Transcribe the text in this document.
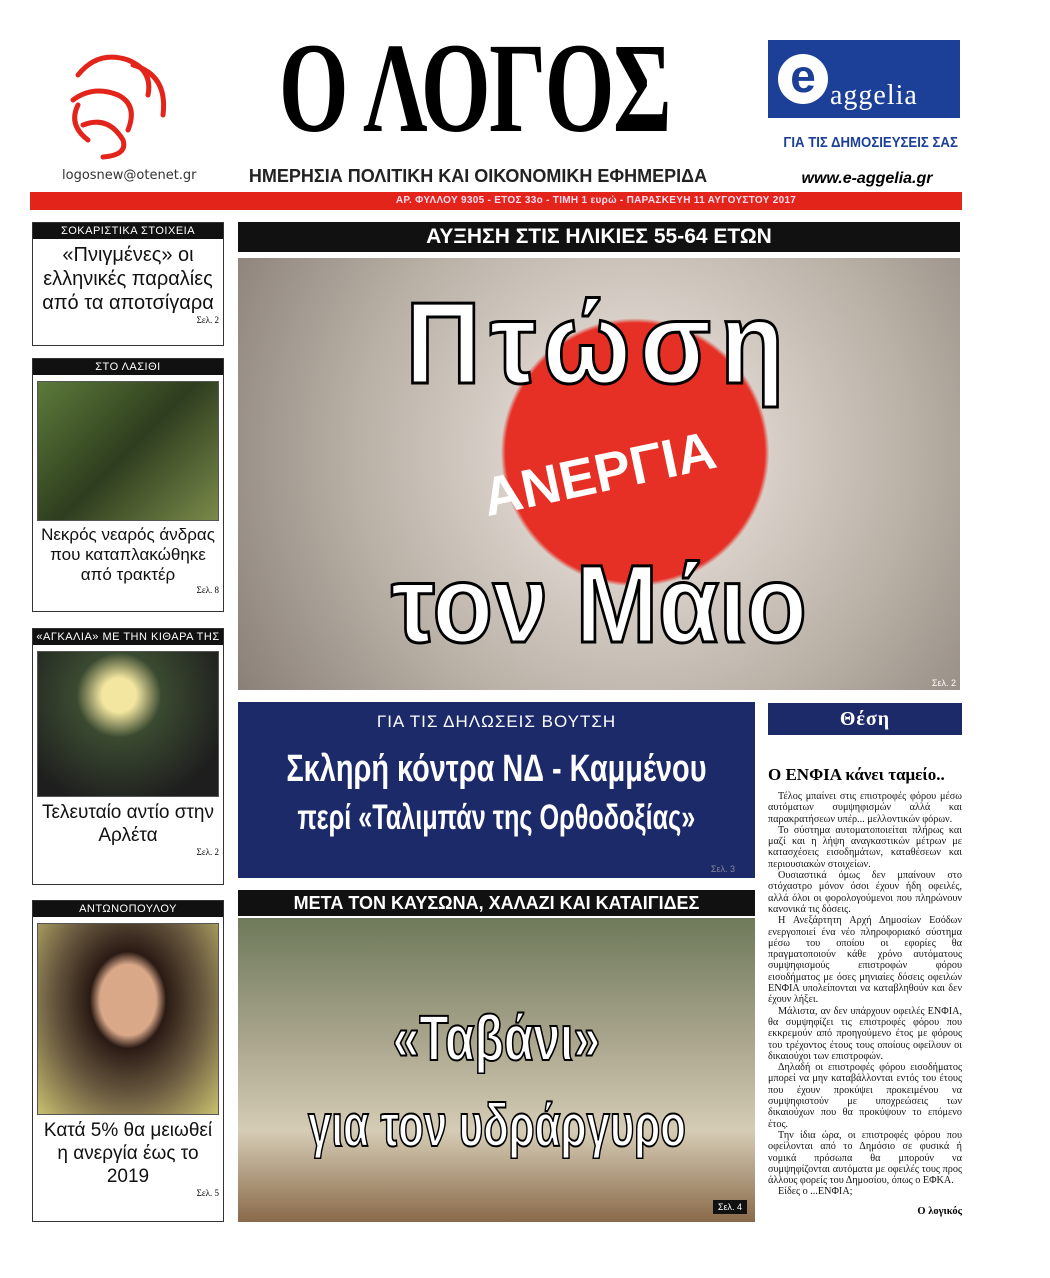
logosnew@otenet.gr
Ο ΛΟΓΟΣ
ΗΜΕΡΗΣΙΑ ΠΟΛΙΤΙΚΗ ΚΑΙ ΟΙΚΟΝΟΜΙΚΗ ΕΦΗΜΕΡΙΔΑ
e aggelia
ΓΙΑ ΤΙΣ ΔΗΜΟΣΙΕΥΣΕΙΣ ΣΑΣ
www.e-aggelia.gr
ΑΡ. ΦΥΛΛΟΥ 9305 - ΕΤΟΣ 33ο - ΤΙΜΗ 1 ευρώ - ΠΑΡΑΣΚΕΥΗ 11 ΑΥΓΟΥΣΤΟΥ 2017
ΣΟΚΑΡΙΣΤΙΚΑ ΣΤΟΙΧΕΙΑ
«Πνιγμένες» οι ελληνικές παραλίες από τα αποτσίγαρα
Σελ. 2
ΣΤΟ ΛΑΣΙΘΙ
Νεκρός νεαρός άνδρας που καταπλακώθηκε από τρακτέρ
Σελ. 8
«ΑΓΚΑΛΙΑ» ΜΕ ΤΗΝ ΚΙΘΑΡΑ ΤΗΣ
Τελευταίο αντίο στην Αρλέτα
Σελ. 2
ΑΝΤΩΝΟΠΟΥΛΟΥ
Κατά 5% θα μειωθεί η ανεργία έως το 2019
Σελ. 5
ΑΥΞΗΣΗ ΣΤΙΣ ΗΛΙΚΙΕΣ 55-64 ΕΤΩΝ
Πτώση
ΑΝΕΡΓΙΑ
τον Μάιο
Σελ. 2
ΓΙΑ ΤΙΣ ΔΗΛΩΣΕΙΣ ΒΟΥΤΣΗ
Σκληρή κόντρα ΝΔ - Καμμένου
περί «Ταλιμπάν της Ορθοδοξίας»
Σελ. 3
ΜΕΤΑ ΤΟΝ ΚΑΥΣΩΝΑ, ΧΑΛΑΖΙ ΚΑΙ ΚΑΤΑΙΓΙΔΕΣ
«Ταβάνι»
για τον υδράργυρο
Σελ. 4
Θέση
Ο ΕΝΦΙΑ κάνει ταμείο..

Τέλος μπαίνει στις επιστροφές φόρου μέσω αυτόματων συμψηφισμών αλλά και παρακρατήσεων υπέρ... μελλοντικών φόρων.

Το σύστημα αυτοματοποιείται πλήρως και μαζί και η λήψη αναγκαστικών μέτρων με κατασχέσεις εισοδημάτων, καταθέσεων και περιουσιακών στοιχείων.

Ουσιαστικά όμως δεν μπαίνουν στο στόχαστρο μόνον όσοι έχουν ήδη οφειλές, αλλά όλοι οι φορολογούμενοι που πληρώνουν κανονικά τις δόσεις.

Η Ανεξάρτητη Αρχή Δημοσίων Εσόδων ενεργοποιεί ένα νέο πληροφοριακό σύστημα μέσω του οποίου οι εφορίες θα πραγματοποιούν κάθε χρόνο αυτόματους συμψηφισμούς επιστροφών φόρου εισοδήματος με όσες μηνιαίες δόσεις οφειλών ΕΝΦΙΑ υπολείπονται να καταβληθούν και δεν έχουν λήξει.

Μάλιστα, αν δεν υπάρχουν οφειλές ΕΝΦΙΑ, θα συμψηφίζει τις επιστροφές φόρου που εκκρεμούν από προηγούμενο έτος με φόρους του τρέχοντος έτους τους οποίους οφείλουν οι δικαιούχοι των επιστροφών.

Δηλαδή οι επιστροφές φόρου εισοδήματος μπορεί να μην καταβάλλονται εντός του έτους που έχουν προκύψει προκειμένου να συμψηφιστούν με υποχρεώσεις των δικαιούχων που θα προκύψουν το επόμενο έτος.

Την ίδια ώρα, οι επιστροφές φόρου που οφείλονται από το Δημόσιο σε φυσικά ή νομικά πρόσωπα θα μπορούν να συμψηφίζονται αυτόματα με οφειλές τους προς άλλους φορείς του Δημοσίου, όπως ο ΕΦΚΑ.

Είδες ο ...ΕΝΦΙΑ;

Ο λογικός
